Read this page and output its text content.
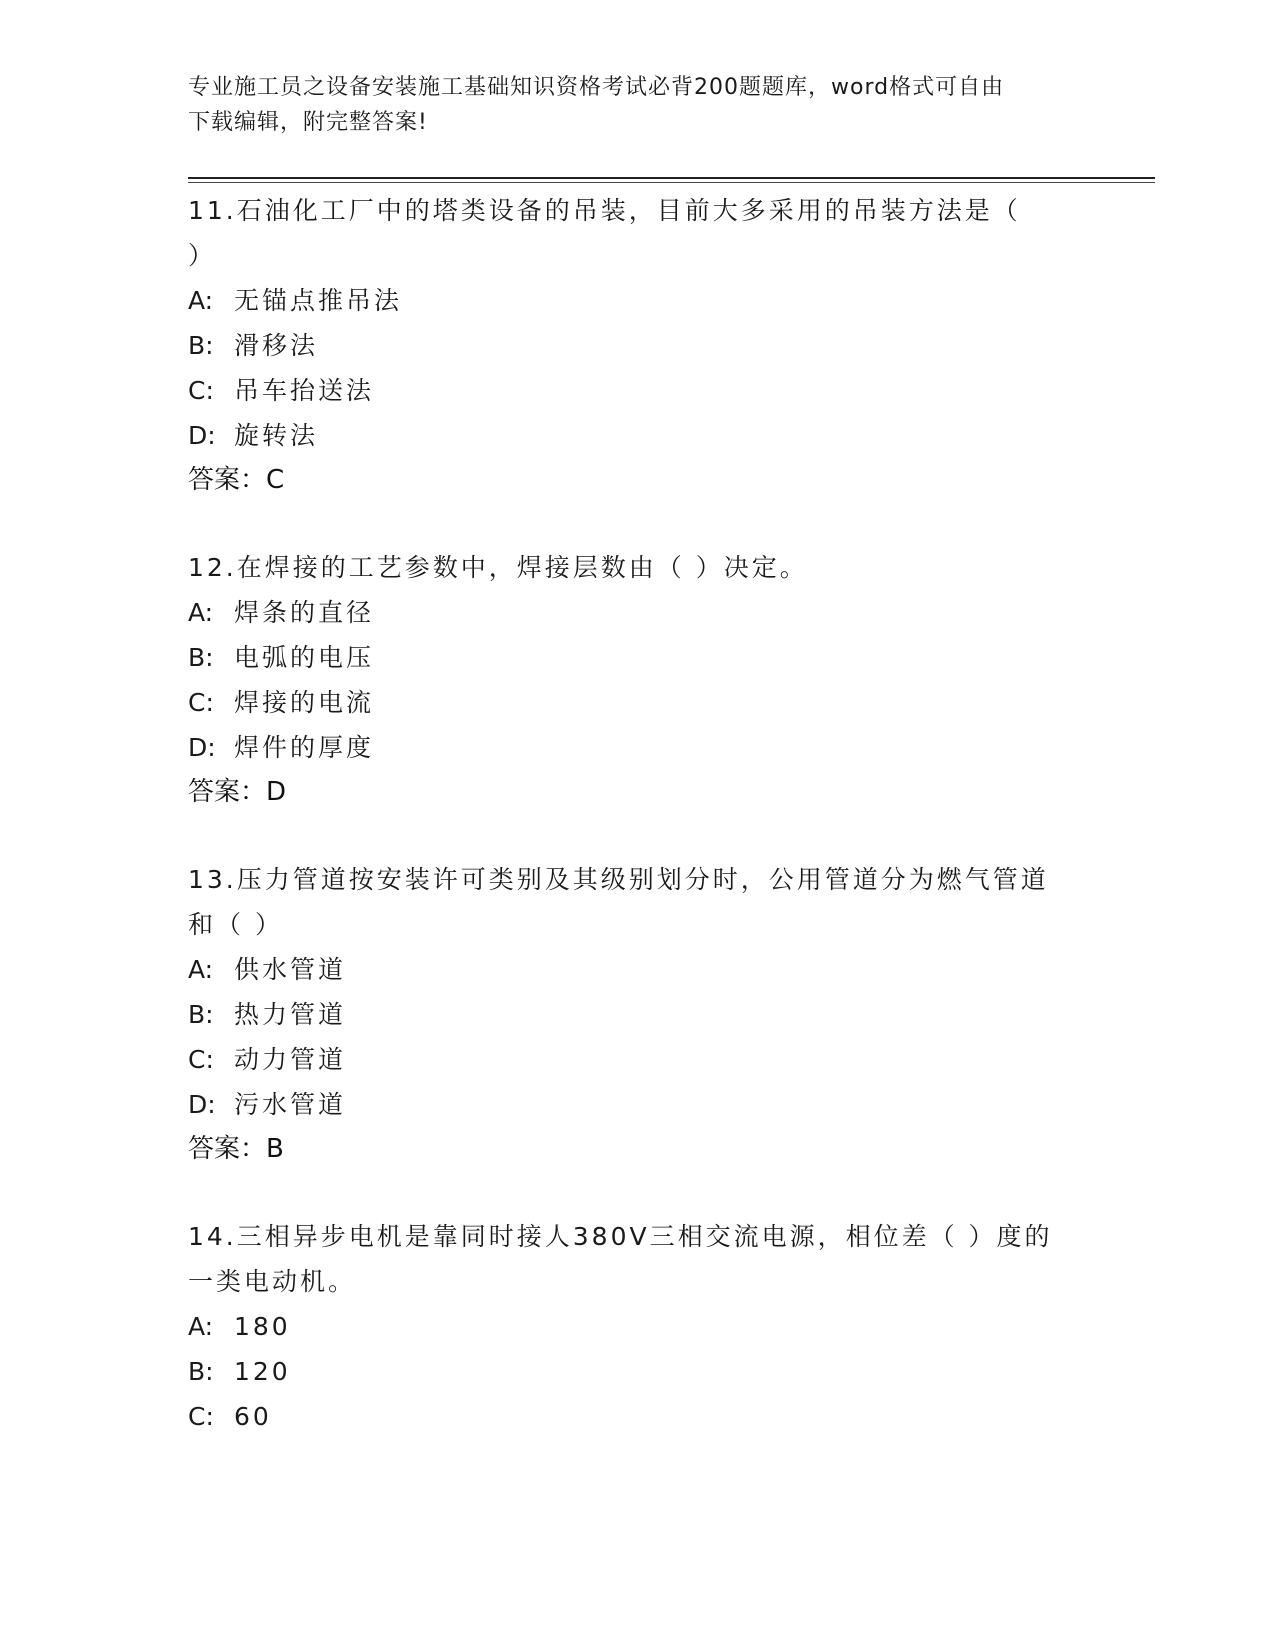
专业施工员之设备安装施工基础知识资格考试必背200题题库，word格式可自由
下载编辑，附完整答案!
11.石油化工厂中的塔类设备的吊装，目前大多采用的吊装方法是（
）
A: 无锚点推吊法
B: 滑移法
C: 吊车抬送法
D: 旋转法
答案：C
12.在焊接的工艺参数中，焊接层数由（ ）决定。
A: 焊条的直径
B: 电弧的电压
C: 焊接的电流
D: 焊件的厚度
答案：D
13.压力管道按安装许可类别及其级别划分时，公用管道分为燃气管道
和（ ）
A: 供水管道
B: 热力管道
C: 动力管道
D: 污水管道
答案：B
14.三相异步电机是靠同时接人380V三相交流电源，相位差（ ）度的
一类电动机。
A: 180
B: 120
C: 60
